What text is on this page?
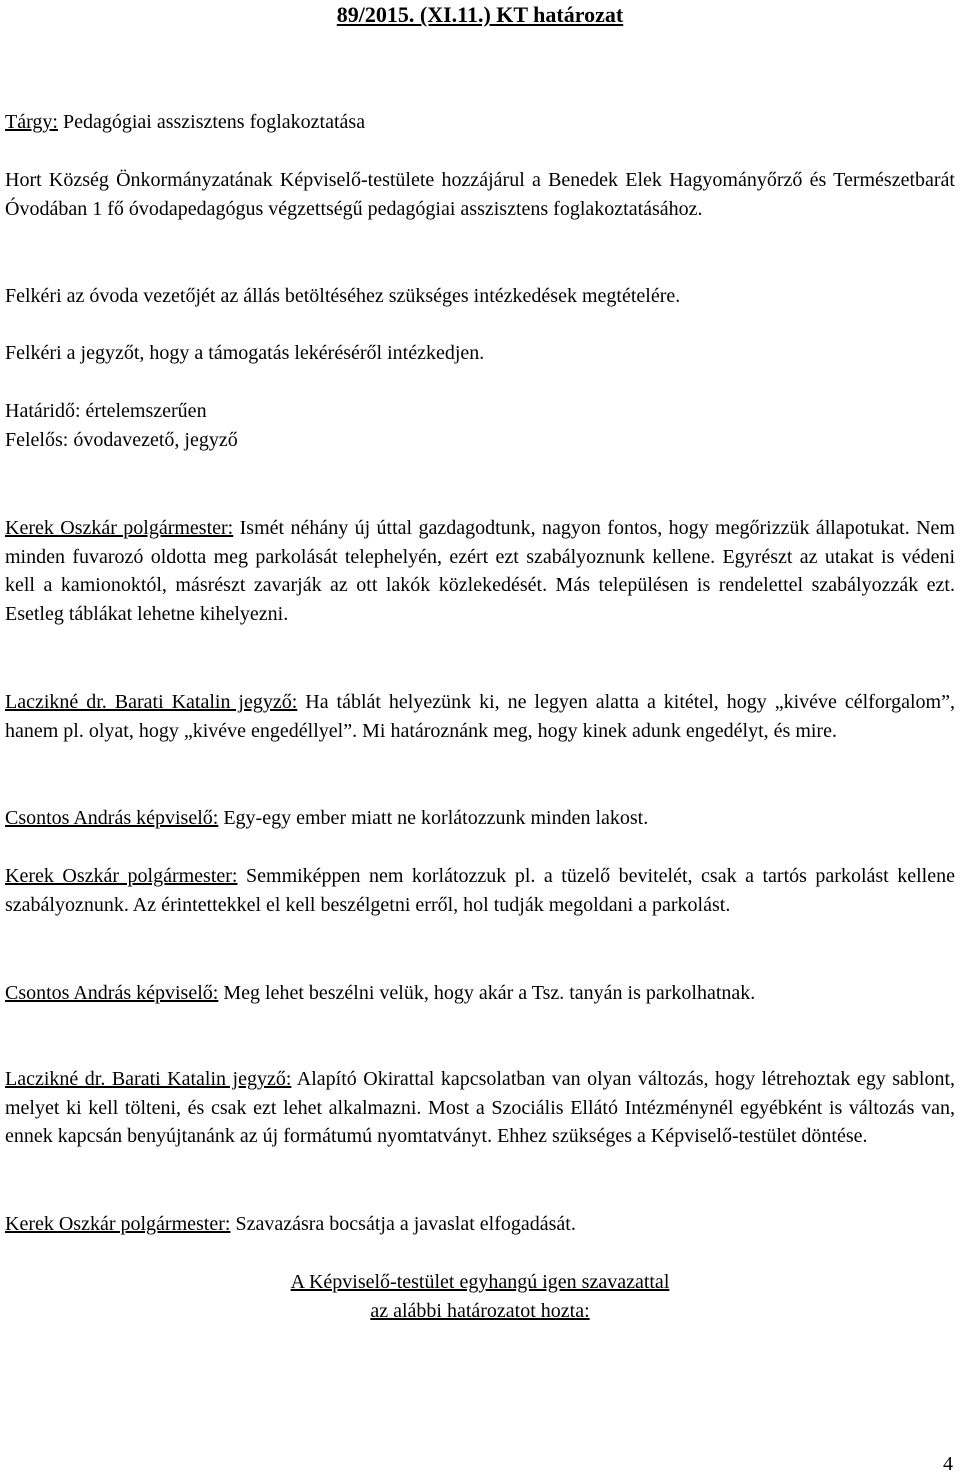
89/2015. (XI.11.) KT határozat

Tárgy: Pedagógiai asszisztens foglakoztatása

Hort Község Önkormányzatának Képviselő-testülete hozzájárul a Benedek Elek Hagyományőrző és Természetbarát Óvodában 1 fő óvodapedagógus végzettségű pedagógiai asszisztens foglakoztatásához.

Felkéri az óvoda vezetőjét az állás betöltéséhez szükséges intézkedések megtételére.

Felkéri a jegyzőt, hogy a támogatás lekéréséről intézkedjen.

Határidő: értelemszerűen

Felelős: óvodavezető, jegyző

Kerek Oszkár polgármester: Ismét néhány új úttal gazdagodtunk, nagyon fontos, hogy megőrizzük állapotukat. Nem minden fuvarozó oldotta meg parkolását telephelyén, ezért ezt szabályoznunk kellene. Egyrészt az utakat is védeni kell a kamionoktól, másrészt zavarják az ott lakók közlekedését. Más településen is rendelettel szabályozzák ezt. Esetleg táblákat lehetne kihelyezni.

Laczikné dr. Barati Katalin jegyző: Ha táblát helyezünk ki, ne legyen alatta a kitétel, hogy „kivéve célforgalom”, hanem pl. olyat, hogy „kivéve engedéllyel”. Mi határoznánk meg, hogy kinek adunk engedélyt, és mire.

Csontos András képviselő: Egy-egy ember miatt ne korlátozzunk minden lakost.

Kerek Oszkár polgármester: Semmiképpen nem korlátozzuk pl. a tüzelő bevitelét, csak a tartós parkolást kellene szabályoznunk. Az érintettekkel el kell beszélgetni erről, hol tudják megoldani a parkolást.

Csontos András képviselő: Meg lehet beszélni velük, hogy akár a Tsz. tanyán is parkolhatnak.

Laczikné dr. Barati Katalin jegyző: Alapító Okirattal kapcsolatban van olyan változás, hogy létrehoztak egy sablont, melyet ki kell tölteni, és csak ezt lehet alkalmazni. Most a Szociális Ellátó Intézménynél egyébként is változás van, ennek kapcsán benyújtanánk az új formátumú nyomtatványt. Ehhez szükséges a Képviselő-testület döntése.

Kerek Oszkár polgármester: Szavazásra bocsátja a javaslat elfogadását.

A Képviselő-testület egyhangú igen szavazattal

az alábbi határozatot hozta:

4
